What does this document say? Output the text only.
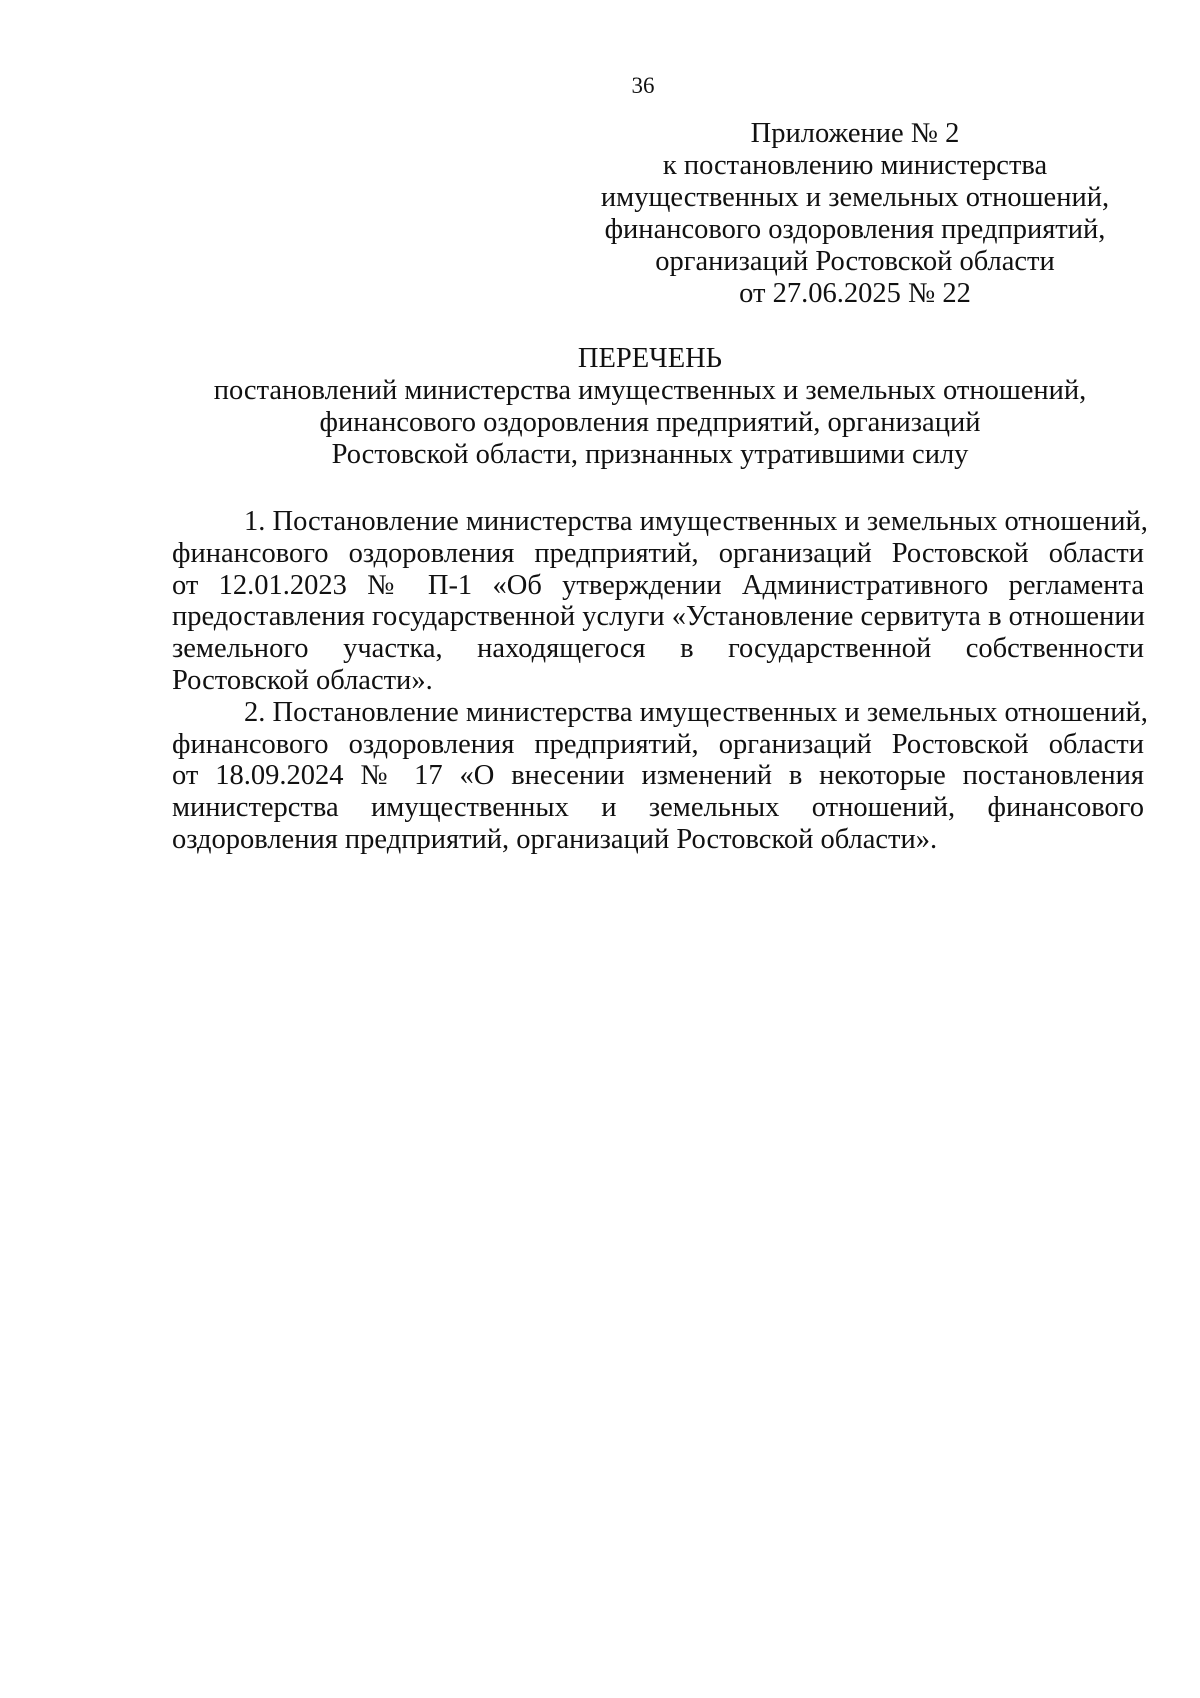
36
Приложение № 2
к постановлению министерства
имущественных и земельных отношений,
финансового оздоровления предприятий,
организаций Ростовской области
от 27.06.2025 № 22
ПЕРЕЧЕНЬ
постановлений министерства имущественных и земельных отношений,
финансового оздоровления предприятий, организаций
Ростовской области, признанных утратившими силу
1. Постановление министерства имущественных и земельных отношений,
финансового оздоровления предприятий, организаций Ростовской области
от 12.01.2023 № П-1 «Об утверждении Административного регламента
предоставления государственной услуги «Установление сервитута в отношении
земельного участка, находящегося в государственной собственности
Ростовской области».
2. Постановление министерства имущественных и земельных отношений,
финансового оздоровления предприятий, организаций Ростовской области
от 18.09.2024 № 17 «О внесении изменений в некоторые постановления
министерства имущественных и земельных отношений, финансового
оздоровления предприятий, организаций Ростовской области».
